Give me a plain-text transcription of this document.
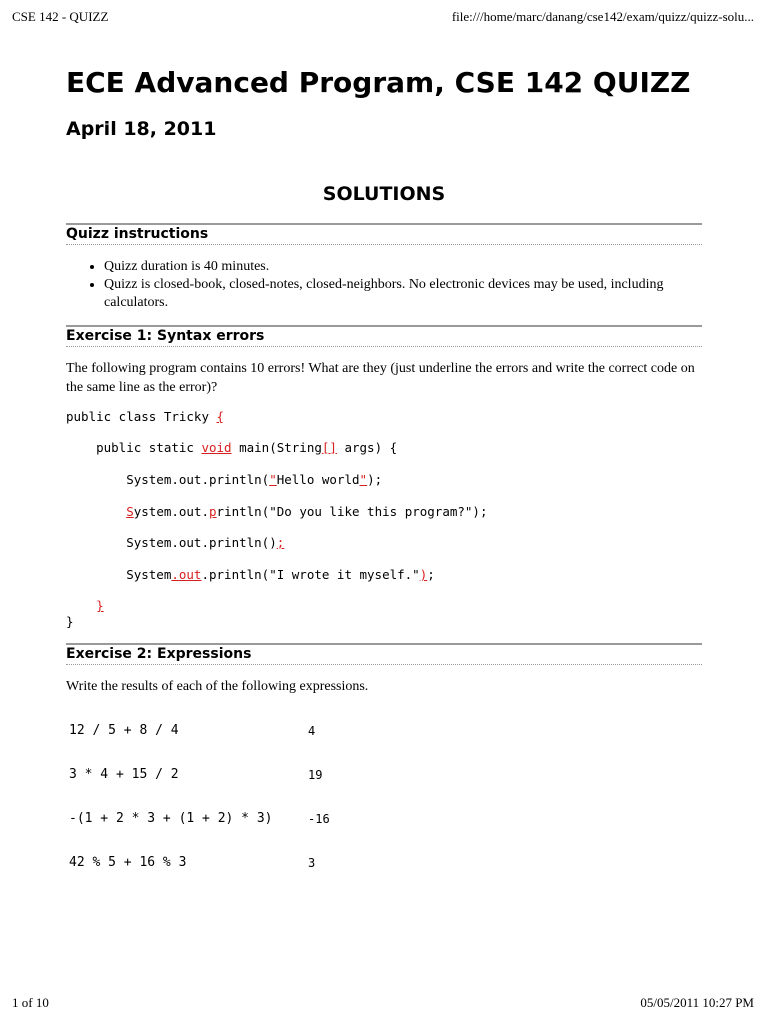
CSE 142 - QUIZZ	file:///home/marc/danang/cse142/exam/quizz/quizz-solu...
ECE Advanced Program, CSE 142 QUIZZ
April 18, 2011
SOLUTIONS
Quizz instructions
• Quizz duration is 40 minutes.
• Quizz is closed-book, closed-notes, closed-neighbors. No electronic devices may be used, including calculators.
Exercise 1: Syntax errors
The following program contains 10 errors! What are they (just underline the errors and write the correct code on the same line as the error)?
public class Tricky {
public static void main(String[] args) {
System.out.println("Hello world");
System.out.println("Do you like this program?");
System.out.println();
System.out.println("I wrote it myself.");
}
}
Exercise 2: Expressions
Write the results of each of the following expressions.
12 / 5 + 8 / 4	4
3 * 4 + 15 / 2	19
-(1 + 2 * 3 + (1 + 2) * 3)	-16
42 % 5 + 16 % 3	3
1 of 10	05/05/2011 10:27 PM
